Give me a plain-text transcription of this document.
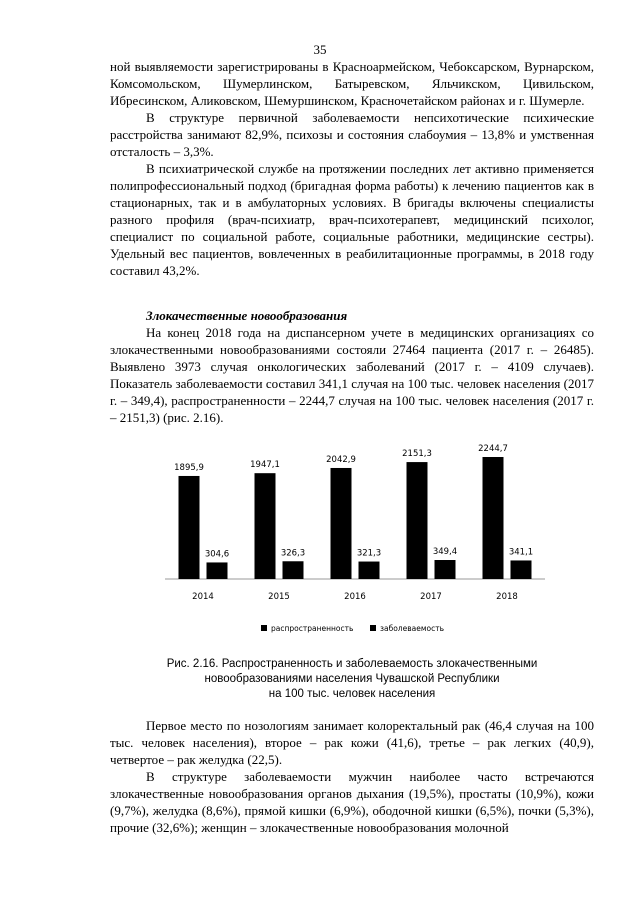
35

ной выявляемости зарегистрированы в Красноармейском, Чебоксарском, Вурнарском, Комсомольском, Шумерлинском, Батыревском, Яльчикском, Цивильском, Ибресинском, Аликовском, Шемуршинском, Красночетайском районах и г. Шумерле.

В структуре первичной заболеваемости непсихотические психические расстройства занимают 82,9%, психозы и состояния слабоумия – 13,8% и умственная отсталость – 3,3%.

В психиатрической службе на протяжении последних лет активно применяется полипрофессиональный подход (бригадная форма работы) к лечению пациентов как в стационарных, так и в амбулаторных условиях. В бригады включены специалисты разного профиля (врач-психиатр, врач-психотерапевт, медицинский психолог, специалист по социальной работе, социальные работники, медицинские сестры). Удельный вес пациентов, вовлеченных в реабилитационные программы, в 2018 году составил 43,2%.

Злокачественные новообразования

На конец 2018 года на диспансерном учете в медицинских организациях со злокачественными новообразованиями состояли 27464 пациента (2017 г. – 26485). Выявлено 3973 случая онкологических заболеваний (2017 г. – 4109 случаев). Показатель заболеваемости составил 341,1 случая на 100 тыс. человек населения (2017 г. – 349,4), распространенности – 2244,7 случая на 100 тыс. человек населения (2017 г. – 2151,3) (рис. 2.16).

1895,9
304,6
2014
1947,1
326,3
2015
2042,9
321,3
2016
2151,3
349,4
2017
2244,7
341,1
2018
распространенность	заболеваемость
Рис. 2.16. Распространенность и заболеваемость злокачественными
новообразованиями населения Чувашской Республики
на 100 тыс. человек населения

Первое место по нозологиям занимает колоректальный рак (46,4 случая на 100 тыс. человек населения), второе – рак кожи (41,6), третье – рак легких (40,9), четвертое – рак желудка (22,5).

В структуре заболеваемости мужчин наиболее часто встречаются злокачественные новообразования органов дыхания (19,5%), простаты (10,9%), кожи (9,7%), желудка (8,6%), прямой кишки (6,9%), ободочной кишки (6,5%), почки (5,3%), прочие (32,6%); женщин – злокачественные новообразования молочной
